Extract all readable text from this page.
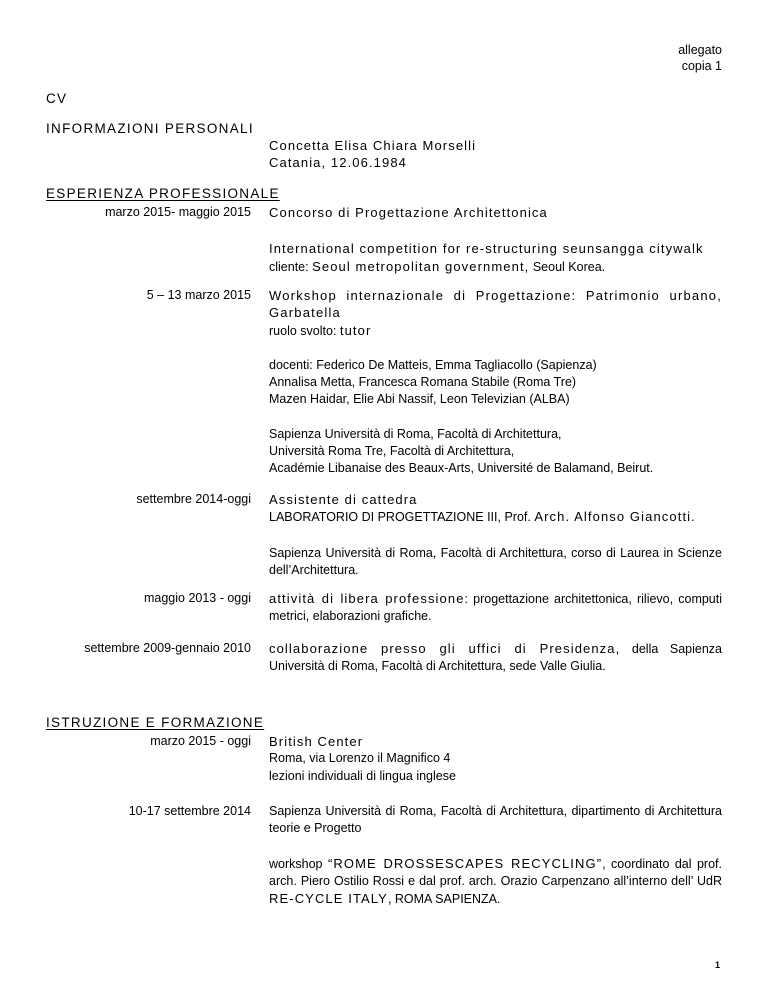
allegato
copia 1
CV
INFORMAZIONI PERSONALI
Concetta Elisa Chiara Morselli
Catania, 12.06.1984
ESPERIENZA PROFESSIONALE
marzo 2015- maggio 2015 Concorso di Progettazione Architettonica
International competition for re-structuring seunsangga citywalk
cliente: Seoul metropolitan government, Seoul Korea.
5 – 13 marzo 2015 Workshop internazionale di Progettazione: Patrimonio urbano, Garbatella
ruolo svolto: tutor
docenti: Federico De Matteis, Emma Tagliacollo (Sapienza)
Annalisa Metta, Francesca Romana Stabile (Roma Tre)
Mazen Haidar, Elie Abi Nassif, Leon Televizian (ALBA)
Sapienza Università di Roma, Facoltà di Architettura,
Università Roma Tre, Facoltà di Architettura,
Académie Libanaise des Beaux-Arts, Université de Balamand, Beirut.
settembre 2014-oggi Assistente di cattedra
LABORATORIO DI PROGETTAZIONE III, Prof. Arch. Alfonso Giancotti.
Sapienza Università di Roma, Facoltà di Architettura, corso di Laurea in Scienze dell’Architettura.
maggio 2013 - oggi attività di libera professione: progettazione architettonica, rilievo, computi metrici, elaborazioni grafiche.
settembre 2009-gennaio 2010 collaborazione presso gli uffici di Presidenza, della Sapienza Università di Roma, Facoltà di Architettura, sede Valle Giulia.
ISTRUZIONE E FORMAZIONE
marzo 2015 - oggi British Center
Roma, via Lorenzo il Magnifico 4
lezioni individuali di lingua inglese
10-17 settembre 2014 Sapienza Università di Roma, Facoltà di Architettura, dipartimento di Architettura teorie e Progetto
workshop “ROME DROSSESCAPES RECYCLING”, coordinato dal prof. arch. Piero Ostilio Rossi e dal prof. arch. Orazio Carpenzano all’interno dell’ UdR RE-CYCLE ITALY, ROMA SAPIENZA.
1
